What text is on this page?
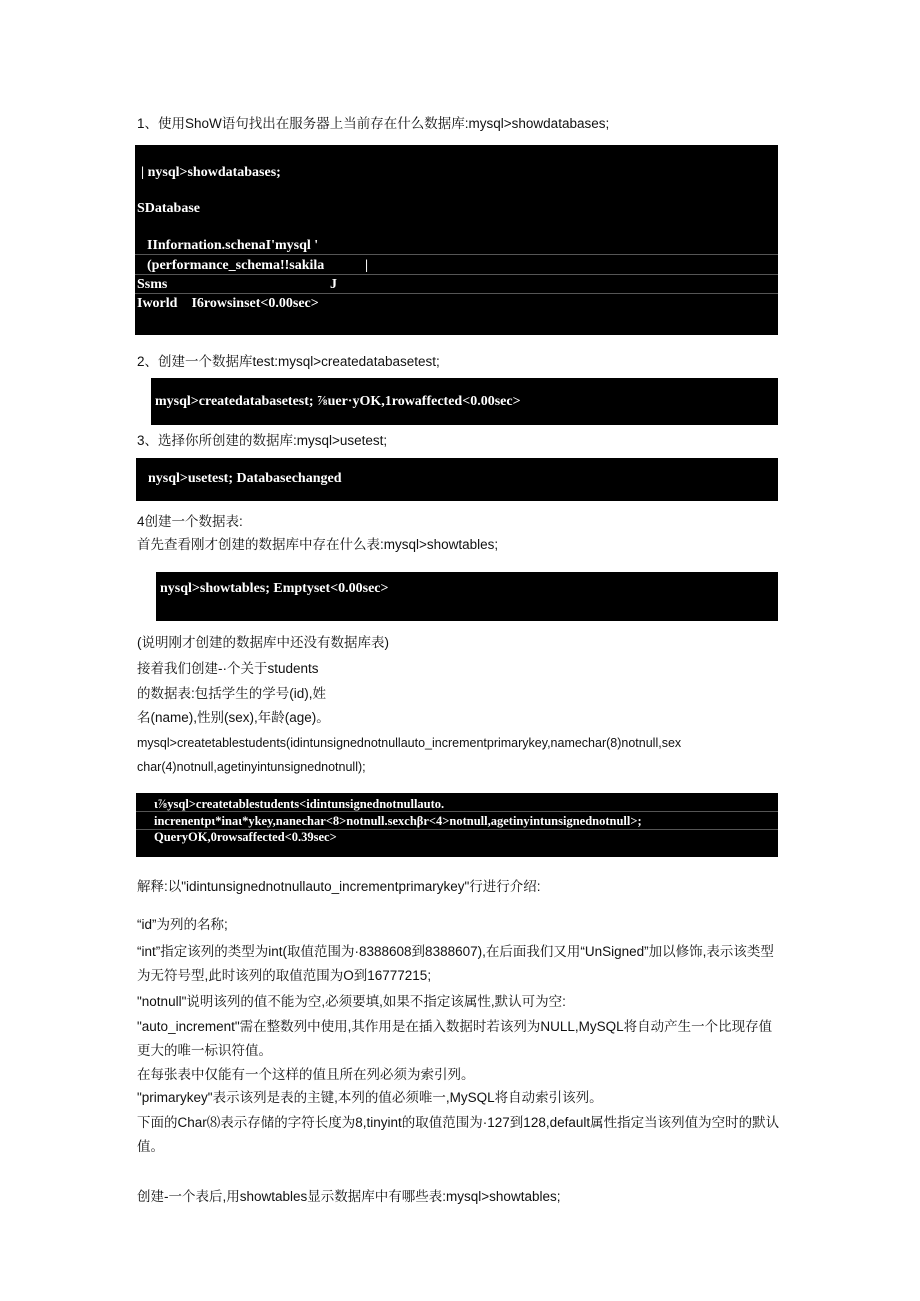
1、使用ShoW语句找出在服务器上当前存在什么数据库:mysql>showdatabases;
| nysql>showdatabases;
SDatabase
IInfornation.schenaI'mysql '
(performance_schema!!sakila	|
Ssms	J
Iworld    I6rowsinset<0.00sec>
2、创建一个数据库test:mysql>createdatabasetest;
mysql>createdatabasetest; ⅞uer·yOK,1rowaffected<0.00sec>
3、选择你所创建的数据库:mysql>usetest;
nysql>usetest; Databasechanged
4创建一个数据表:
首先查看刚才创建的数据库中存在什么表:mysql>showtables;
nysql>showtables; Emptyset<0.00sec>
(说明刚才创建的数据库中还没有数据库表)
接着我们创建-·个关于students
的数据表:包括学生的学号(id),姓
名(name),性别(sex),年龄(age)。
mysql>createtablestudents(idintunsignednotnullauto_incrementprimarykey,namechar(8)notnull,sex
char(4)notnull,agetinyintunsignednotnull);
ι⅞ysql>createtablestudents<idintunsignednotnullauto.
increnentpι*inaι*ykey,nanechar<8>notnull.sexchβr<4>notnull,agetinyintunsignednotnull>;
QueryOK,0rowsaffected<0.39sec>
解释:以"idintunsignednotnullauto_incrementprimarykey"行进行介绍:
“id”为列的名称;
“int”指定该列的类型为int(取值范围为·8388608到8388607),在后面我们又用“UnSigned”加以修饰,表示该类型为无符号型,此时该列的取值范围为O到16777215;
"notnull"说明该列的值不能为空,必须要填,如果不指定该属性,默认可为空:
"auto_increment"需在整数列中使用,其作用是在插入数据时若该列为NULL,MySQL将自动产生一个比现存值更大的唯一标识符值。
在每张表中仅能有一个这样的值且所在列必须为索引列。
"primarykey"表示该列是表的主键,本列的值必须唯一,MySQL将自动索引该列。
下面的Char⑻表示存储的字符长度为8,tinyint的取值范围为·127到128,default属性指定当该列值为空时的默认值。
创建-一个表后,用showtables显示数据库中有哪些表:mysql>showtables;
